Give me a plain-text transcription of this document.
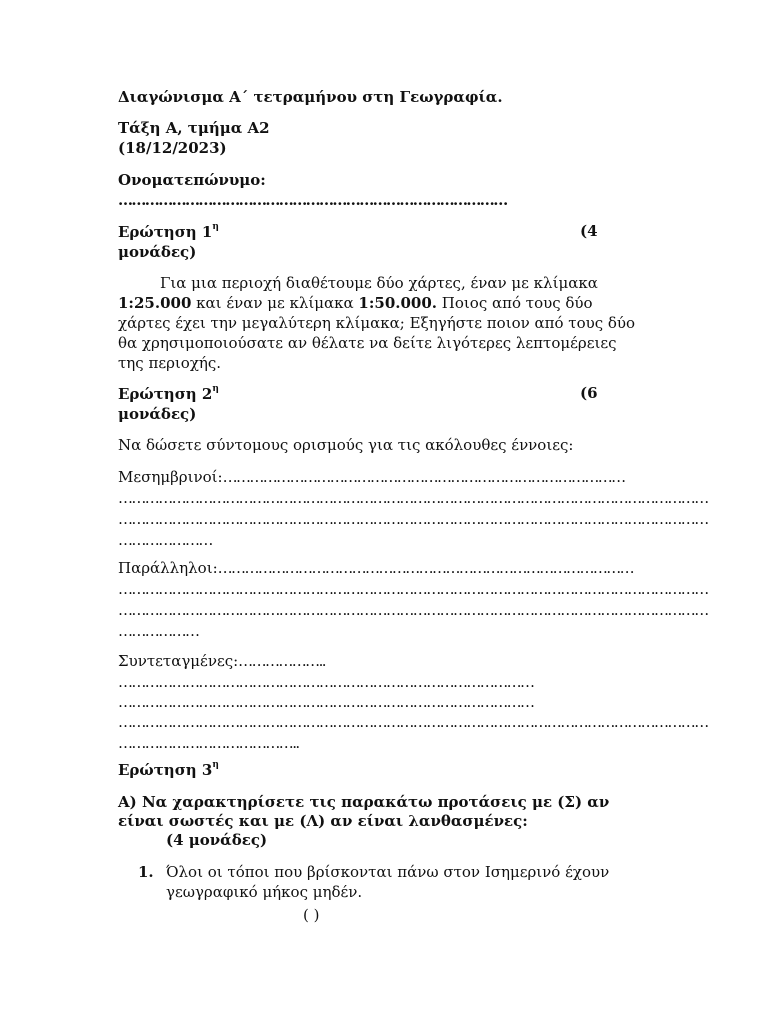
Διαγώνισμα Α΄ τετραμήνου στη Γεωγραφία.
Τάξη Α, τμήμα Α2
(18/12/2023)
Ονοματεπώνυμο:
……………………………………………………………………………
Ερώτηση $1^\eta$	(4
μονάδες)
Για μια περιοχή διαθέτουμε δύο χάρτες, έναν με κλίμακα 1:25.000 και έναν με κλίμακα 1:50.000. Ποιος από τους δύο χάρτες έχει την μεγαλύτερη κλίμακα; Εξηγήστε ποιον από τους δύο θα χρησιμοποιούσατε αν θέλατε να δείτε λιγότερες λεπτομέρειες της περιοχής.
Ερώτηση $2^\eta$	(6
μονάδες)
Να δώσετε σύντομους ορισμούς για τις ακόλουθες έννοιες:
Μεσημβρινοί:………………………………………………………………………………
……………………………………………………………………………………………………………………
……………………………………………………………………………………………………………………
…………………
Παράλληλοι:…………………………………………………………………………………
……………………………………………………………………………………………………………………
……………………………………………………………………………………………………………………
………………
Συντεταγμένες:………………..
…………………………………………………………………………………
…………………………………………………………………………………
……………………………………………………………………………………………………………………
…………………………………..
Ερώτηση $3^\eta$
Α) Να χαρακτηρίσετε τις παρακάτω προτάσεις με (Σ) αν
είναι σωστές και με (Λ) αν είναι λανθασμένες:
(4 μονάδες)
1. Όλοι οι τόποι που βρίσκονται πάνω στον Ισημερινό έχουν
γεωγραφικό μήκος μηδέν.
( )
